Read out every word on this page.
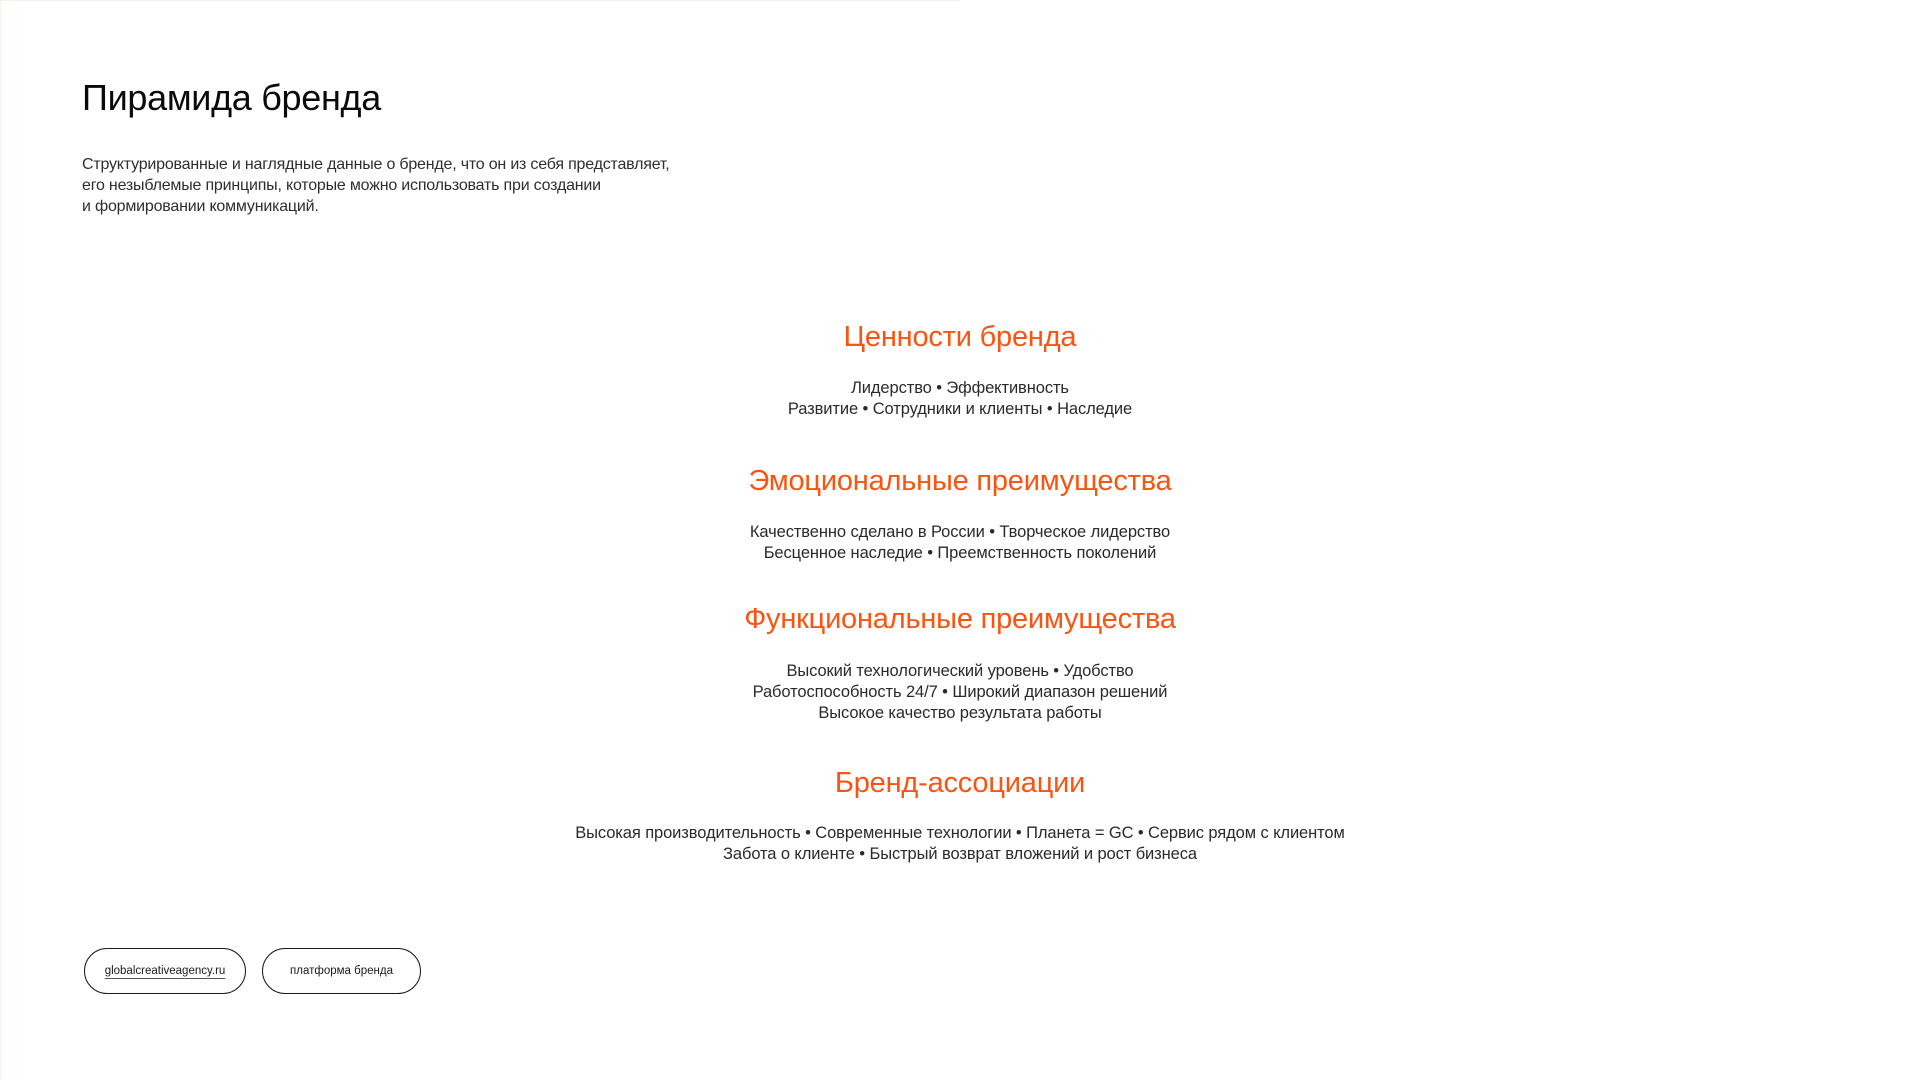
Пирамида бренда

Структурированные и наглядные данные о бренде, что он из себя представляет,
его незыблемые принципы, которые можно использовать при создании
и формировании коммуникаций.

Ценности бренда
Лидерство • Эффективность
Развитие • Сотрудники и клиенты • Наследие
Эмоциональные преимущества
Качественно сделано в России • Творческое лидерство
Бесценное наследие • Преемственность поколений
Функциональные преимущества
Высокий технологический уровень • Удобство
Работоспособность 24/7 • Широкий диапазон решений
Высокое качество результата работы
Бренд-ассоциации
Высокая производительность • Современные технологии • Планета = GC • Сервис рядом с клиентом
Забота о клиенте • Быстрый возврат вложений и рост бизнеса
globalcreativeagency.ru	платформа бренда
